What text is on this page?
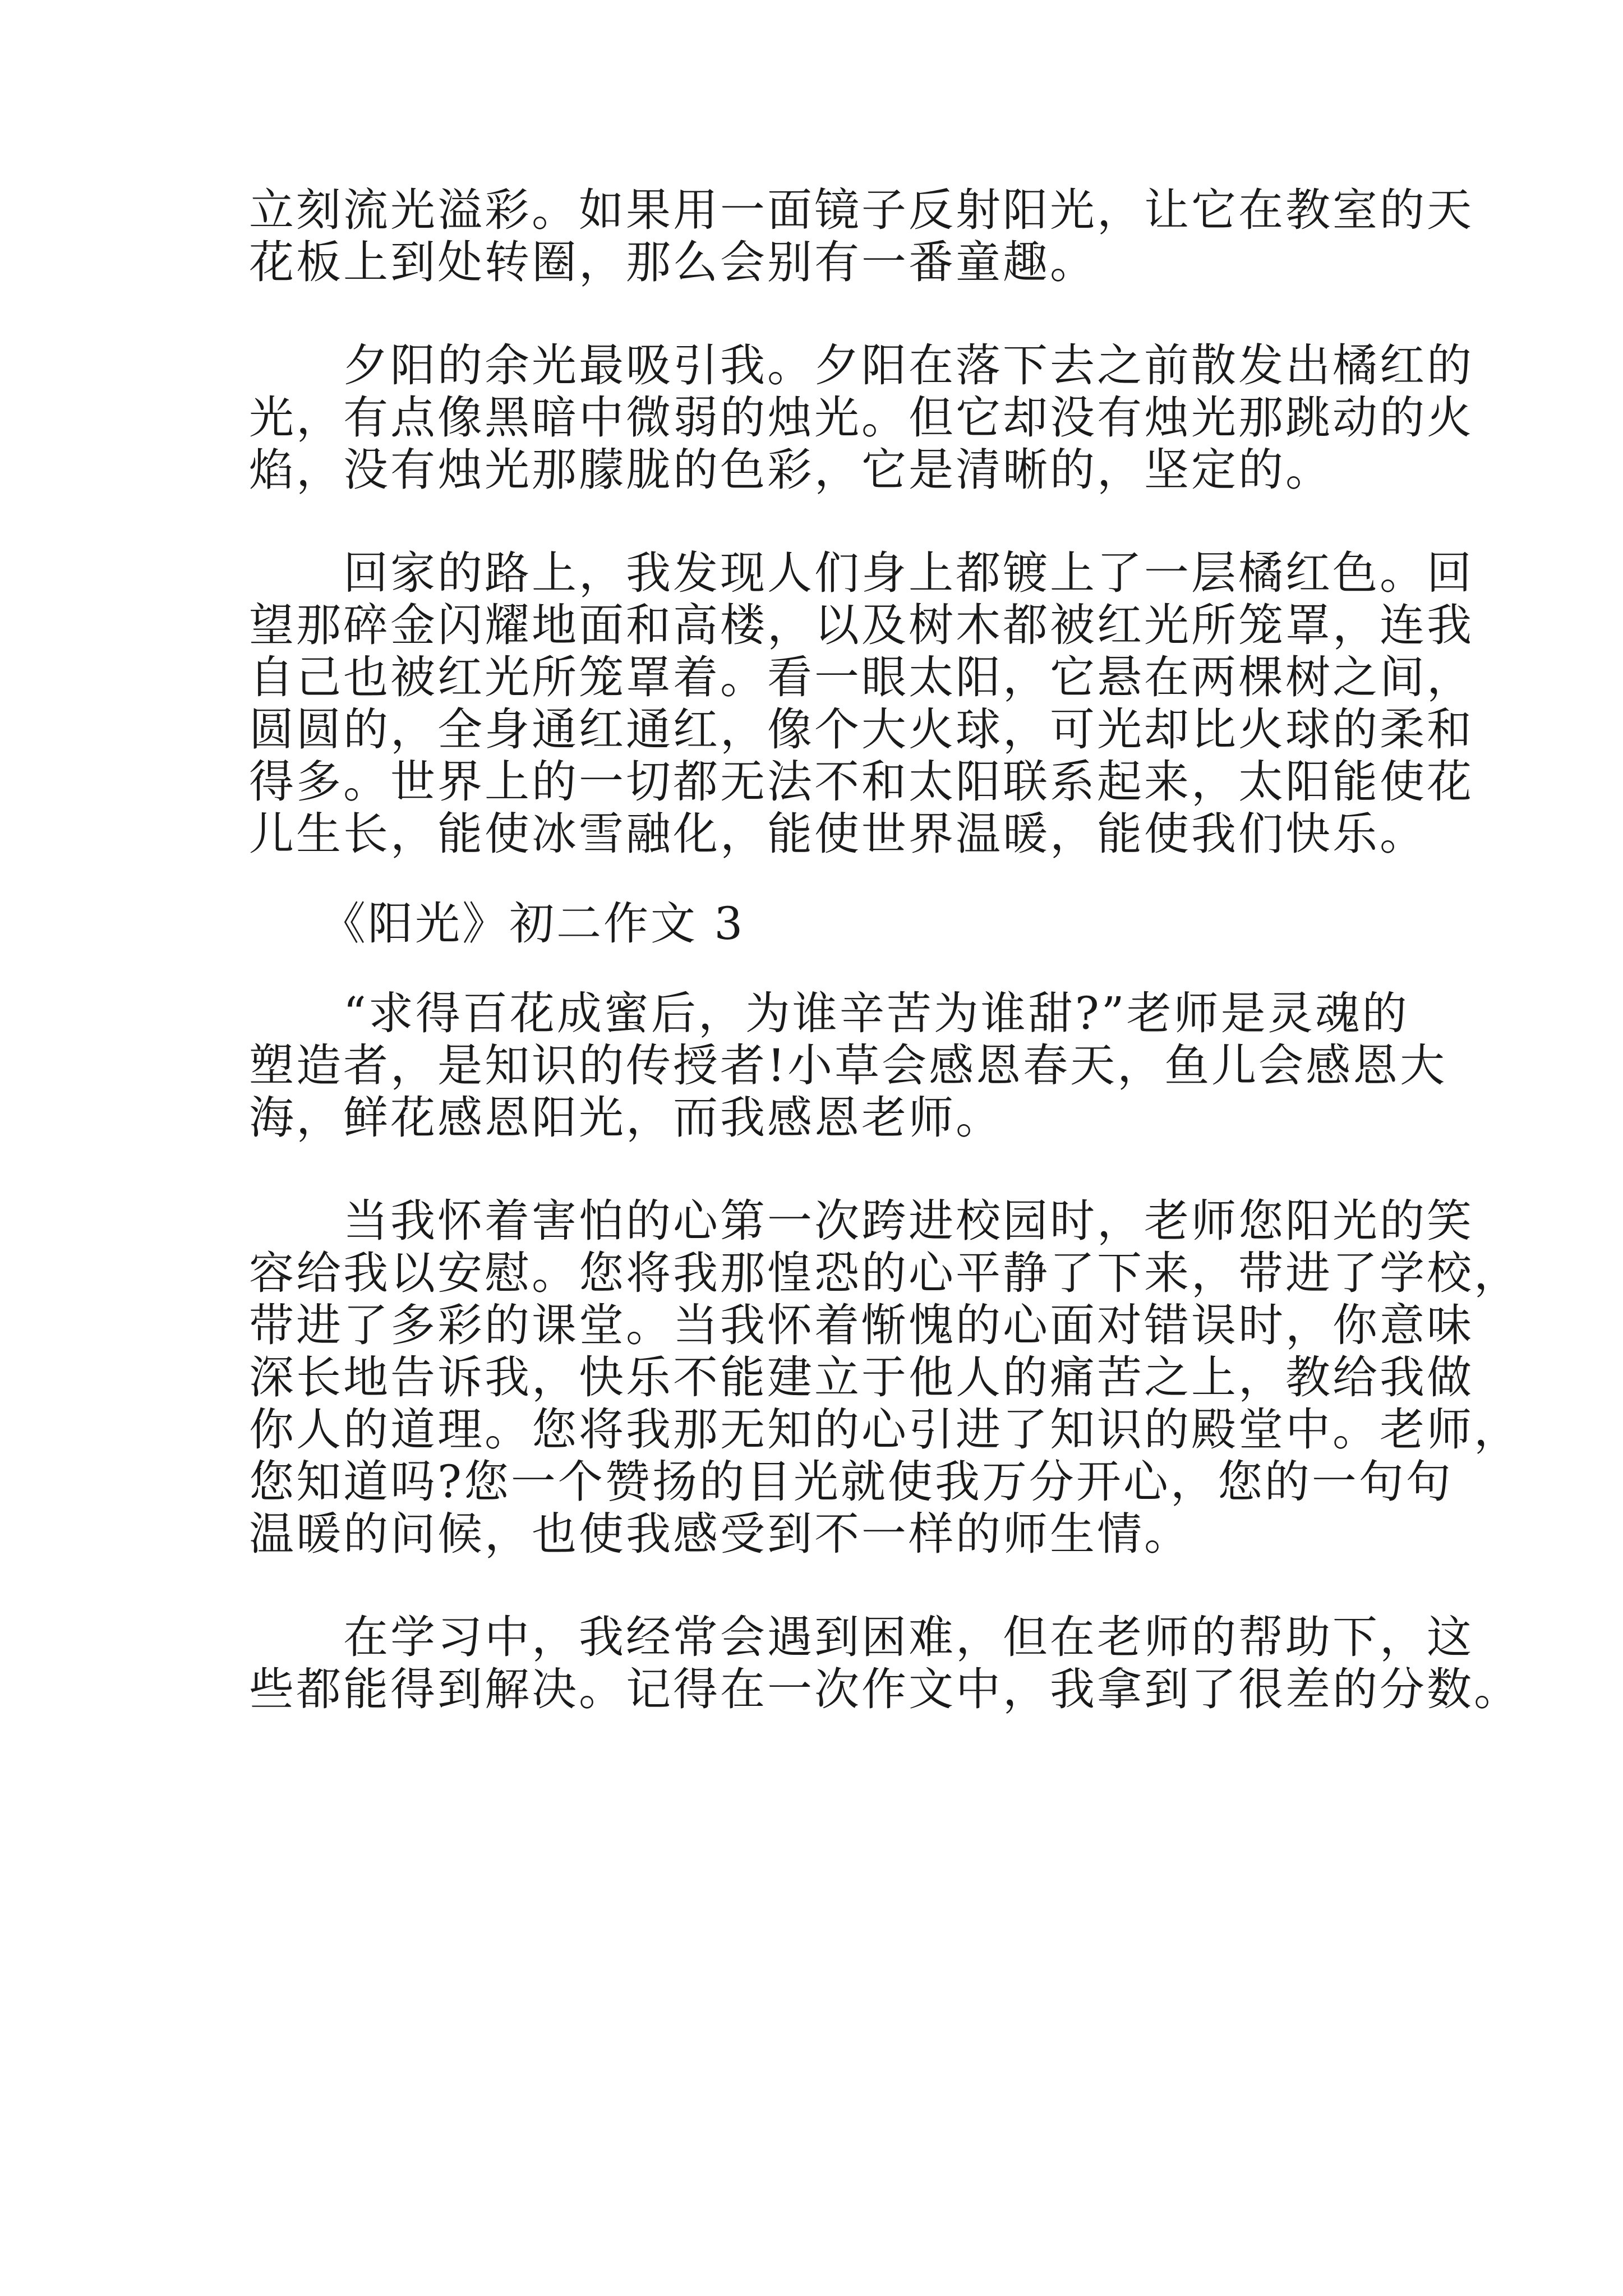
立刻流光溢彩。如果用一面镜子反射阳光，让它在教室的天
花板上到处转圈，那么会别有一番童趣。
　　夕阳的余光最吸引我。夕阳在落下去之前散发出橘红的
光，有点像黑暗中微弱的烛光。但它却没有烛光那跳动的火
焰，没有烛光那朦胧的色彩，它是清晰的，坚定的。
　　回家的路上，我发现人们身上都镀上了一层橘红色。回
望那碎金闪耀地面和高楼，以及树木都被红光所笼罩，连我
自己也被红光所笼罩着。看一眼太阳，它悬在两棵树之间，
圆圆的，全身通红通红，像个大火球，可光却比火球的柔和
得多。世界上的一切都无法不和太阳联系起来，太阳能使花
儿生长，能使冰雪融化，能使世界温暖，能使我们快乐。
　　《阳光》初二作文 3
　　“求得百花成蜜后，为谁辛苦为谁甜?”老师是灵魂的
塑造者，是知识的传授者!小草会感恩春天，鱼儿会感恩大
海，鲜花感恩阳光，而我感恩老师。
　　当我怀着害怕的心第一次跨进校园时，老师您阳光的笑
容给我以安慰。您将我那惶恐的心平静了下来，带进了学校，
带进了多彩的课堂。当我怀着惭愧的心面对错误时，你意味
深长地告诉我，快乐不能建立于他人的痛苦之上，教给我做
你人的道理。您将我那无知的心引进了知识的殿堂中。老师，
您知道吗?您一个赞扬的目光就使我万分开心，您的一句句
温暖的问候，也使我感受到不一样的师生情。
　　在学习中，我经常会遇到困难，但在老师的帮助下，这
些都能得到解决。记得在一次作文中，我拿到了很差的分数。
